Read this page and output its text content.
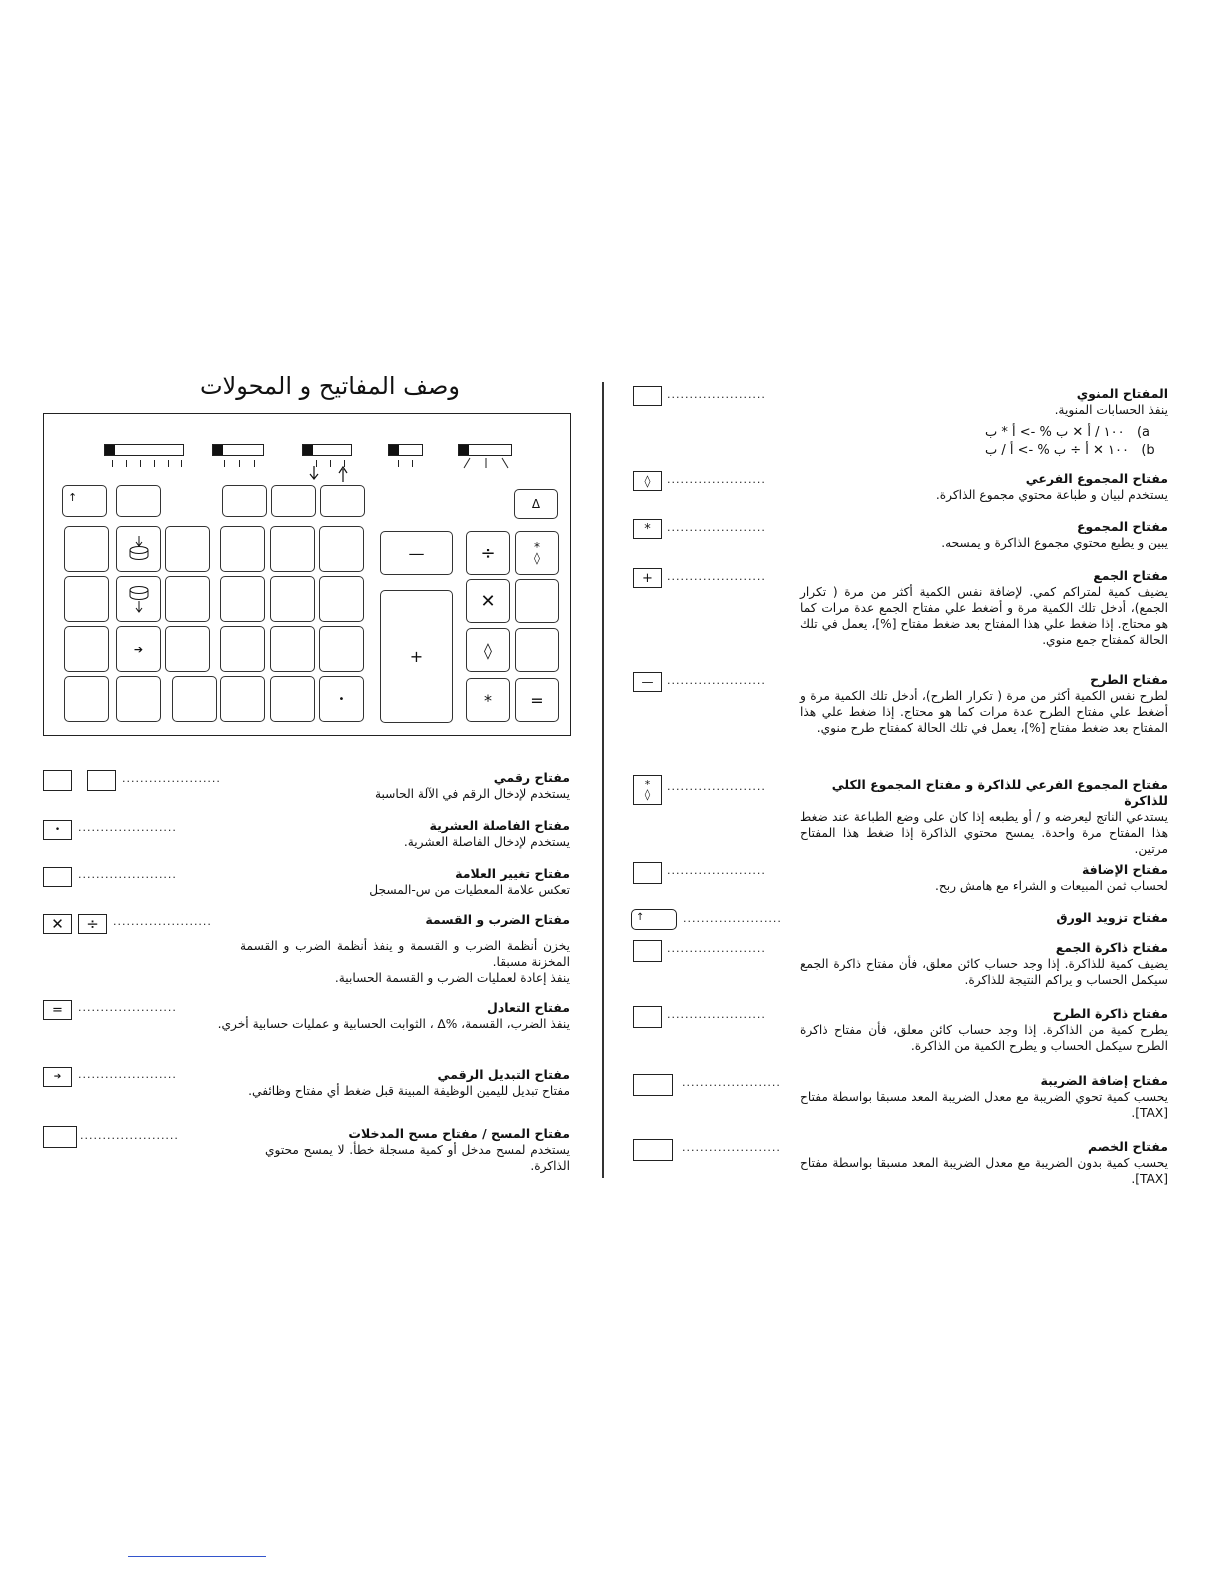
وصف المفاتيح و المحولات
↑	Δ
—	÷	*
◊
+
✕
➔	◊
•	* =
......................	مفتاح رقمي
يستخدم لإدخال الرقم في الآلة الحاسبة
• ......................	مفتاح الفاصلة العشرية
يستخدم لإدخال الفاصلة العشرية.
......................	مفتاح تغيير العلامة
تعكس علامة المعطيات من س-المسجل
✕ ÷ ......................	مفتاح الضرب و القسمة
يخزن أنظمة الضرب و القسمة و ينفذ أنظمة الضرب و القسمة المخزنة مسبقا.
ينفذ إعادة لعمليات الضرب و القسمة الحسابية.
= ......................	مفتاح التعادل
ينفذ الضرب، القسمة، %∆ ، الثوابت الحسابية و عمليات حسابية أخري.
➔ ......................	مفتاح التبديل الرقمي
مفتاح تبديل لليمين الوظيفة المبينة قبل ضغط أي مفتاح وظائفي.
......................	مفتاح المسح / مفتاح مسح المدخلات
يستخدم لمسح مدخل أو كمية مسجلة خطأ. لا يمسح محتوي الذاكرة.
......................	المفتاح المنوي
ينفذ الحسابات المنوية.
١٠٠ / أ ✕ ب % -> أ * ب (a
١٠٠ ✕ أ ÷ ب % -> أ / ب (b
◊ ......................	مفتاح المجموع الفرعي
يستخدم لبيان و طباعة محتوي مجموع الذاكرة.
* ......................	مفتاح المجموع
يبين و يطبع محتوي مجموع الذاكرة و يمسحه.
+ ......................	مفتاح الجمع
يضيف كمية لمتراكم كمي. لإضافة نفس الكمية أكثر من مرة ( تكرار الجمع)، أدخل تلك الكمية مرة و أضغط علي مفتاح الجمع عدة مرات كما هو محتاج. إذا ضغط علي هذا المفتاح بعد ضغط مفتاح [%]، يعمل في تلك الحالة كمفتاح جمع منوي.
— ......................	مفتاح الطرح
لطرح نفس الكمية أكثر من مرة ( تكرار الطرح)، أدخل تلك الكمية مرة و أضغط علي مفتاح الطرح عدة مرات كما هو محتاج. إذا ضغط علي هذا المفتاح بعد ضغط مفتاح [%]، يعمل في تلك الحالة كمفتاح طرح منوي.
*
◊
......................	مفتاح المجموع الفرعي للذاكرة و مفتاح المجموع الكلي للذاكرة
يستدعي الناتج ليعرضه و / أو يطبعه إذا كان على وضع الطباعة عند ضغط هذا المفتاح مرة واحدة. يمسح محتوي الذاكرة إذا ضغط هذا المفتاح مرتين.
......................	مفتاح الإضافة
لحساب ثمن المبيعات و الشراء مع هامش ربح.
↑	......................	مفتاح تزويد الورق
......................	مفتاح ذاكرة الجمع
يضيف كمية للذاكرة. إذا وجد حساب كائن معلق، فأن مفتاح ذاكرة الجمع سيكمل الحساب و يراكم النتيجة للذاكرة.
......................	مفتاح ذاكرة الطرح
يطرح كمية من الذاكرة. إذا وجد حساب كائن معلق، فأن مفتاح ذاكرة الطرح سيكمل الحساب و يطرح الكمية من الذاكرة.
......................	مفتاح إضافة الضريبة
يحسب كمية تحوي الضريبة مع معدل الضريبة المعد مسبقا بواسطة مفتاح [TAX].
......................	مفتاح الخصم
يحسب كمية بدون الضريبة مع معدل الضريبة المعد مسبقا بواسطة مفتاح [TAX].
